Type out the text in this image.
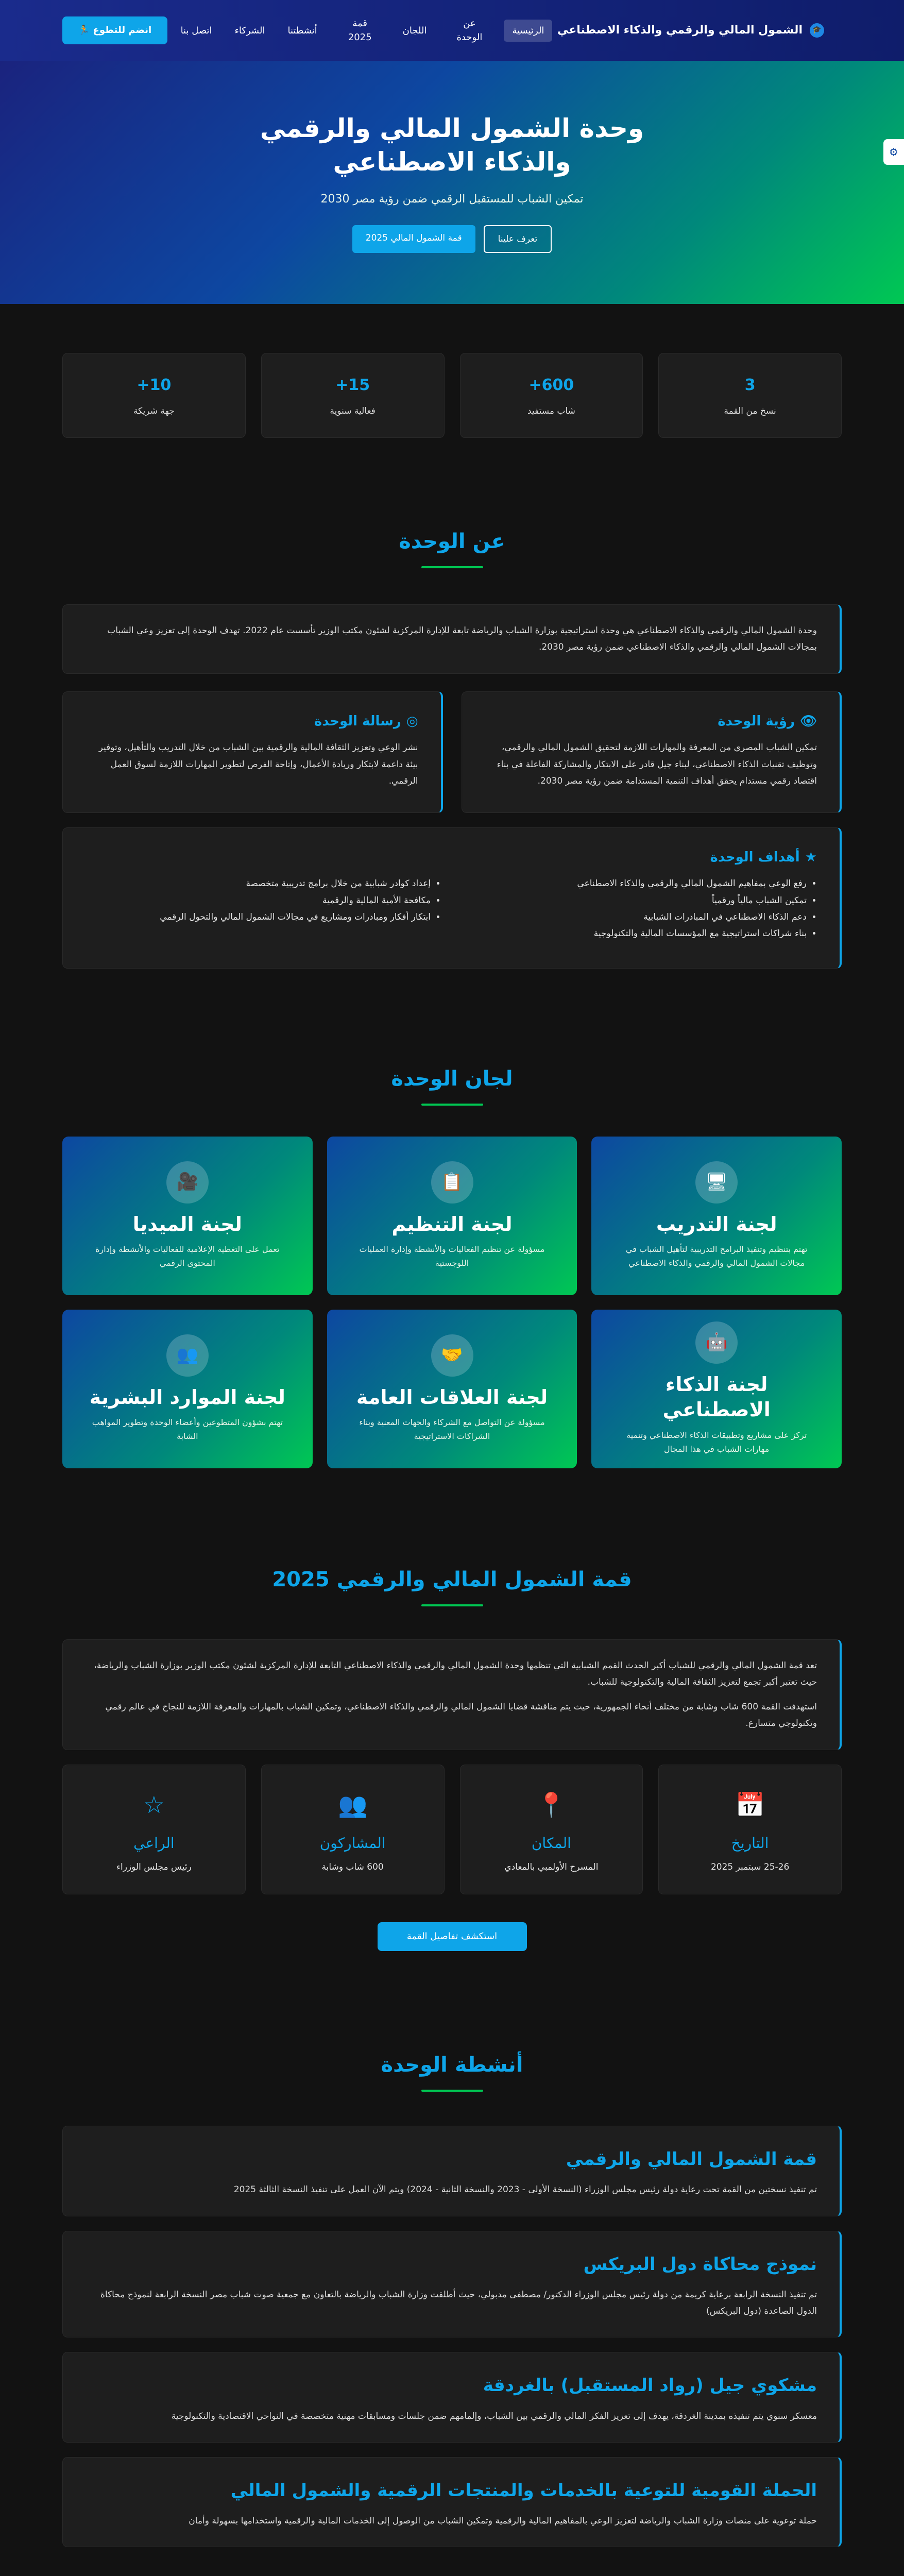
🎓
الشمول المالي والرقمي والذكاء الاصطناعي
الرئيسية
عن الوحدة
اللجان
قمة 2025
أنشطتنا
الشركاء
اتصل بنا
انضم للتطوع 🏃
وحدة الشمول المالي والرقمي والذكاء الاصطناعي

تمكين الشباب للمستقبل الرقمي ضمن رؤية مصر 2030

تعرف علينا
قمة الشمول المالي 2025
⚙
3
نسخ من القمة
600+
شاب مستفيد
15+
فعالية سنوية
10+
جهة شريكة
عن الوحدة

وحدة الشمول المالي والرقمي والذكاء الاصطناعي هي وحدة استراتيجية بوزارة الشباب والرياضة تابعة للإدارة المركزية لشئون مكتب الوزير تأسست عام 2022. تهدف الوحدة إلى تعزيز وعي الشباب بمجالات الشمول المالي والرقمي والذكاء الاصطناعي ضمن رؤية مصر 2030.

👁
رؤية الوحدة

تمكين الشباب المصري من المعرفة والمهارات اللازمة لتحقيق الشمول المالي والرقمي، وتوظيف تقنيات الذكاء الاصطناعي، لبناء جيل قادر على الابتكار والمشاركة الفاعلة في بناء اقتصاد رقمي مستدام يحقق أهداف التنمية المستدامة ضمن رؤية مصر 2030.

◎
رسالة الوحدة

نشر الوعي وتعزيز الثقافة المالية والرقمية بين الشباب من خلال التدريب والتأهيل، وتوفير بيئة داعمة لابتكار وريادة الأعمال، وإتاحة الفرص لتطوير المهارات اللازمة لسوق العمل الرقمي.

★
أهداف الوحدة
• رفع الوعي بمفاهيم الشمول المالي والرقمي والذكاء الاصطناعي
• تمكين الشباب مالياً ورقمياً
• دعم الذكاء الاصطناعي في المبادرات الشبابية
• بناء شراكات استراتيجية مع المؤسسات المالية والتكنولوجية
• إعداد كوادر شبابية من خلال برامج تدريبية متخصصة
• مكافحة الأمية المالية والرقمية
• ابتكار أفكار ومبادرات ومشاريع في مجالات الشمول المالي والتحول الرقمي
لجان الوحدة
🖥
لجنة التدريب

تهتم بتنظيم وتنفيذ البرامج التدريبية لتأهيل الشباب في مجالات الشمول المالي والرقمي والذكاء الاصطناعي

📋
لجنة التنظيم

مسؤولة عن تنظيم الفعاليات والأنشطة وإدارة العمليات اللوجستية

🎥
لجنة الميديا

تعمل على التغطية الإعلامية للفعاليات والأنشطة وإدارة المحتوى الرقمي

🤖
لجنة الذكاء الاصطناعي

تركز على مشاريع وتطبيقات الذكاء الاصطناعي وتنمية مهارات الشباب في هذا المجال

🤝
لجنة العلاقات العامة

مسؤولة عن التواصل مع الشركاء والجهات المعنية وبناء الشراكات الاستراتيجية

👥
لجنة الموارد البشرية

تهتم بشؤون المتطوعين وأعضاء الوحدة وتطوير المواهب الشابة

قمة الشمول المالي والرقمي 2025

تعد قمة الشمول المالي والرقمي للشباب أكبر الحدث القمم الشبابية التي تنظمها وحدة الشمول المالي والرقمي والذكاء الاصطناعي التابعة للإدارة المركزية لشئون مكتب الوزير بوزارة الشباب والرياضة، حيث تعتبر أكبر تجمع لتعزيز الثقافة المالية والتكنولوجية للشباب.

استهدفت القمة 600 شاب وشابة من مختلف أنحاء الجمهورية، حيث يتم مناقشة قضايا الشمول المالي والرقمي والذكاء الاصطناعي، وتمكين الشباب بالمهارات والمعرفة اللازمة للنجاح في عالم رقمي وتكنولوجي متسارع.

📅
التاريخ
25-26 سبتمبر 2025
📍
المكان
المسرح الأولمبي بالمعادي
👥
المشاركون
600 شاب وشابة
☆
الراعي
رئيس مجلس الوزراء
استكشف تفاصيل القمة
أنشطة الوحدة
قمة الشمول المالي والرقمي

تم تنفيذ نسختين من القمة تحت رعاية دولة رئيس مجلس الوزراء (النسخة الأولى - 2023 والنسخة الثانية - 2024) ويتم الآن العمل على تنفيذ النسخة الثالثة 2025

نموذج محاكاة دول البريكس

تم تنفيذ النسخة الرابعة برعاية كريمة من دولة رئيس مجلس الوزراء الدكتور/ مصطفى مدبولي، حيث أطلقت وزارة الشباب والرياضة بالتعاون مع جمعية صوت شباب مصر النسخة الرابعة لنموذج محاكاة الدول الصاعدة (دول البريكس)

مشكوي جيل (رواد المستقبل) بالغردقة

معسكر سنوي يتم تنفيذه بمدينة الغردقة، يهدف إلى تعزيز الفكر المالي والرقمي بين الشباب، وإلمامهم ضمن جلسات ومسابقات مهنية متخصصة في النواحي الاقتصادية والتكنولوجية

الحملة القومية للتوعية بالخدمات والمنتجات الرقمية والشمول المالي

حملة توعوية على منصات وزارة الشباب والرياضة لتعزيز الوعي بالمفاهيم المالية والرقمية وتمكين الشباب من الوصول إلى الخدمات المالية والرقمية واستخدامها بسهولة وأمان
